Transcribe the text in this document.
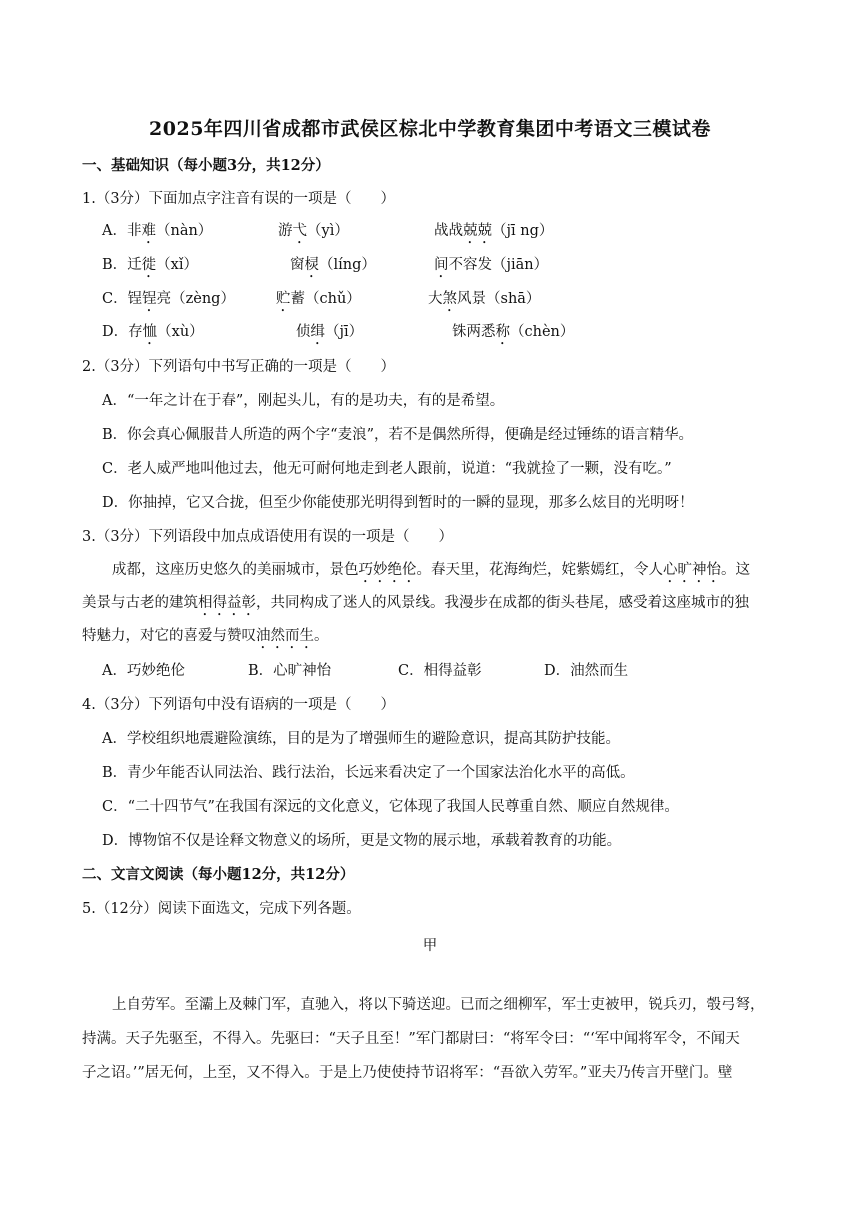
2025年四川省成都市武侯区棕北中学教育集团中考语文三模试卷
一、基础知识（每小题3分，共12分）
1.（3分）下面加点字注音有误的一项是（　　）
A．非难（nàn）	游弋（yì）	战战兢兢（jī ng）
B．迁徙（xǐ）	窗棂（líng）	间不容发（jiān）
C．锃锃亮（zèng）	贮蓄（chǔ）	大煞风景（shā）
D．存恤（xù）	侦缉（jī）	铢两悉称（chèn）
2.（3分）下列语句中书写正确的一项是（　　）
A．“一年之计在于春”，刚起头儿，有的是功夫，有的是希望。
B．你会真心佩服昔人所造的两个字“麦浪”，若不是偶然所得，便确是经过锤练的语言精华。
C．老人威严地叫他过去，他无可耐何地走到老人跟前，说道：“我就捡了一颗，没有吃。”
D．你抽掉，它又合拢，但至少你能使那光明得到暂时的一瞬的显现，那多么炫目的光明呀！
3.（3分）下列语段中加点成语使用有误的一项是（　　）
成都，这座历史悠久的美丽城市，景色巧妙绝伦。春天里，花海绚烂，姹紫嫣红，令人心旷神怡。这
美景与古老的建筑相得益彰，共同构成了迷人的风景线。我漫步在成都的街头巷尾，感受着这座城市的独
特魅力，对它的喜爱与赞叹油然而生。
A．巧妙绝伦	B．心旷神怡	C．相得益彰	D．油然而生
4.（3分）下列语句中没有语病的一项是（　　）
A．学校组织地震避险演练，目的是为了增强师生的避险意识，提高其防护技能。
B．青少年能否认同法治、践行法治，长远来看决定了一个国家法治化水平的高低。
C．“二十四节气”在我国有深远的文化意义，它体现了我国人民尊重自然、顺应自然规律。
D．博物馆不仅是诠释文物意义的场所，更是文物的展示地，承载着教育的功能。
二、文言文阅读（每小题12分，共12分）
5.（12分）阅读下面选文，完成下列各题。
甲
上自劳军。至灞上及棘门军，直驰入，将以下骑送迎。已而之细柳军，军士吏被甲，锐兵刃，彀弓弩，
持满。天子先驱至，不得入。先驱曰：“天子且至！”军门都尉曰：“将军令曰：“‘军中闻将军令，不闻天
子之诏。’”居无何，上至，又不得入。于是上乃使使持节诏将军：“吾欲入劳军。”亚夫乃传言开壁门。壁
